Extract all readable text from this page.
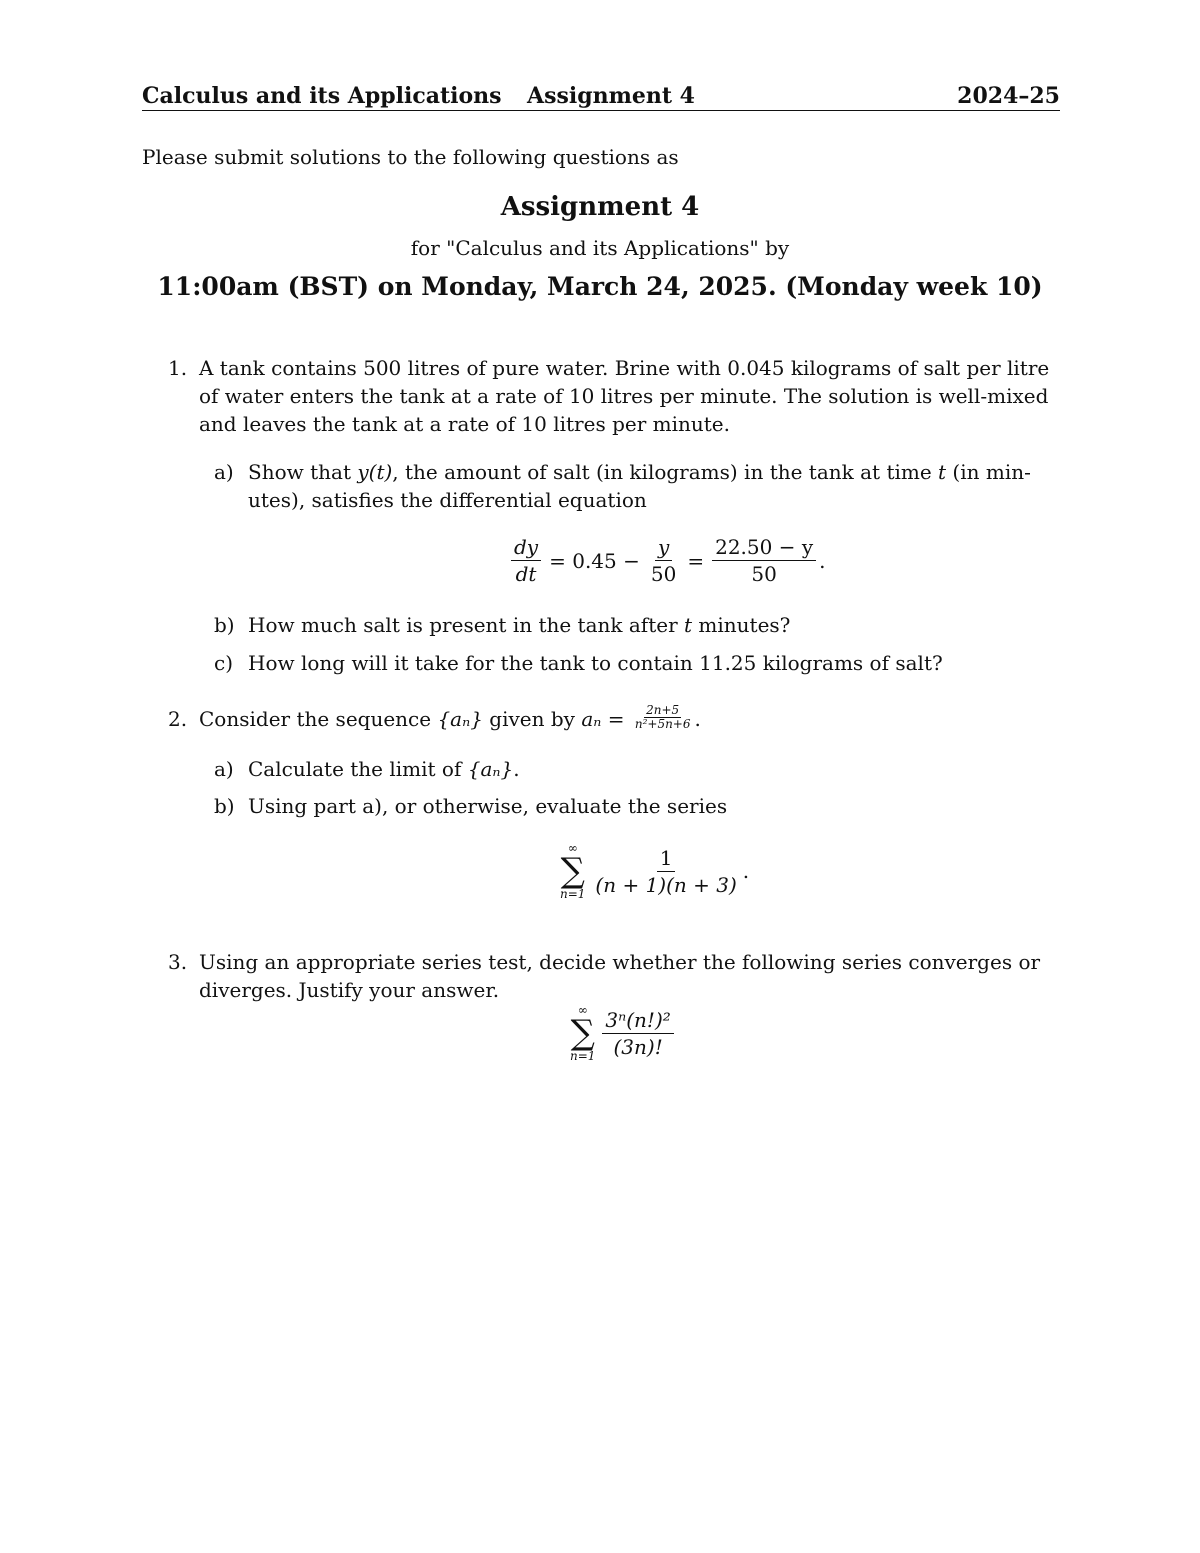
Calculus and its Applications Assignment 4	2024–25
Please submit solutions to the following questions as
Assignment 4
for "Calculus and its Applications" by
11:00am (BST) on Monday, March 24, 2025. (Monday week 10)
1. A tank contains 500 litres of pure water. Brine with 0.045 kilograms of salt per litre
of water enters the tank at a rate of 10 litres per minute. The solution is well-mixed
and leaves the tank at a rate of 10 litres per minute.
a) Show that y(t), the amount of salt (in kilograms) in the tank at time t (in min-
utes), satisfies the differential equation
$\frac{dy}{dt} = 0.45 - \frac{y}{50} = \frac{22.50 - y}{50}$ .
b) How much salt is present in the tank after t minutes?
c) How long will it take for the tank to contain 11.25 kilograms of salt?
2. Consider the sequence {aₙ} given by $a_n = \frac{2n+5}{\text{n²+5n+6}}$ .
a) Calculate the limit of {aₙ}.
b) Using part a), or otherwise, evaluate the series
∞
∑
$n=1 \frac{1}{(n + 1)(n + 3)}$ .
3. Using an appropriate series test, decide whether the following series converges or
diverges. Justify your answer.
∞
∑
$n=1 \frac{\text{3ⁿ(n!)²}}{(3n)!}$
